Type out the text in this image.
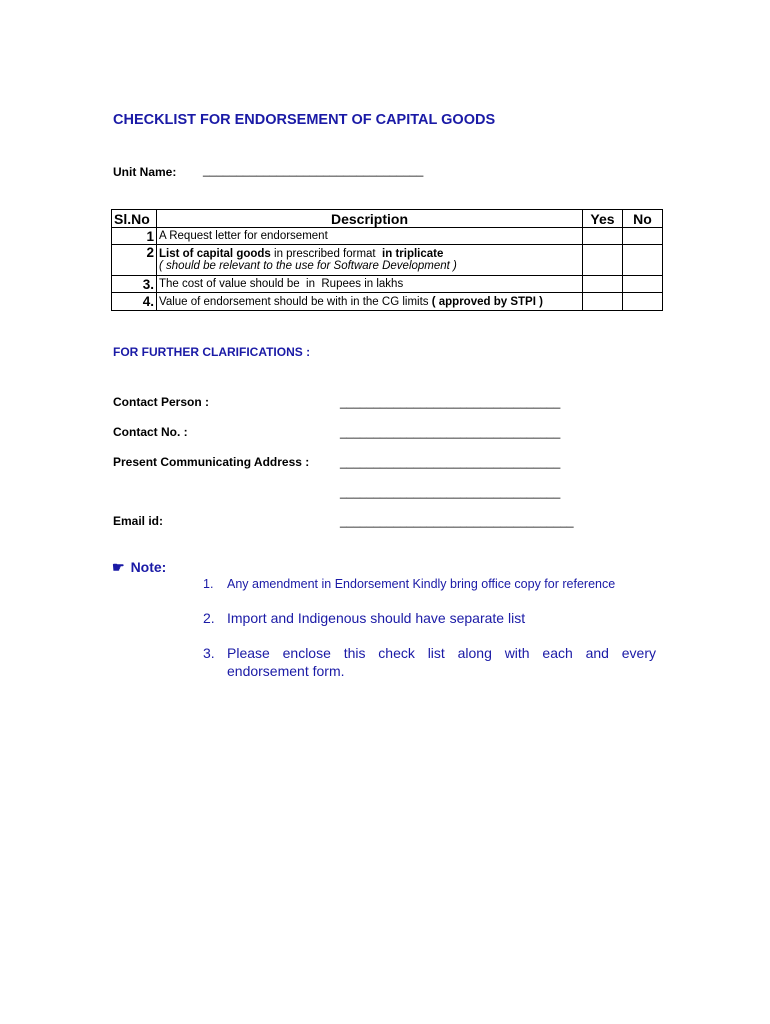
CHECKLIST FOR ENDORSEMENT OF CAPITAL GOODS
Unit Name: _________________________________
Sl.No	Description	Yes	No
1	A Request letter for endorsement		
2	List of capital goods in prescribed format  in triplicate
( should be relevant to the use for Software Development )		

3.	The cost of value should be  in  Rupees in lakhs		
4.	Value of endorsement should be with in the CG limits ( approved by STPI )		
FOR FURTHER CLARIFICATIONS :
Contact Person :	_________________________________
Contact No. :	_________________________________
Present Communicating Address :	_________________________________
_________________________________
Email id:	___________________________________
☛ Note:
1.	Any amendment in Endorsement Kindly bring office copy for reference
2. Import and Indigenous should have separate list
3. Please enclose this check list along with each and every endorsement form.
